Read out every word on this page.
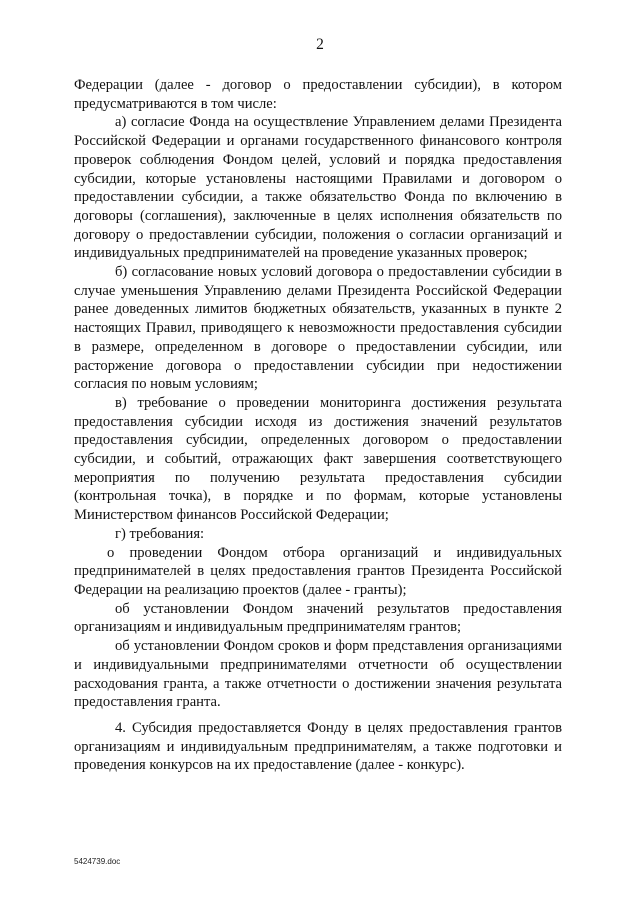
2

Федерации (далее - договор о предоставлении субсидии), в котором предусматриваются в том числе:

а) согласие Фонда на осуществление Управлением делами Президента Российской Федерации и органами государственного финансового контроля проверок соблюдения Фондом целей, условий и порядка предоставления субсидии, которые установлены настоящими Правилами и договором о предоставлении субсидии, а также обязательство Фонда по включению в договоры (соглашения), заключенные в целях исполнения обязательств по договору о предоставлении субсидии, положения о согласии организаций и индивидуальных предпринимателей на проведение указанных проверок;

б) согласование новых условий договора о предоставлении субсидии в случае уменьшения Управлению делами Президента Российской Федерации ранее доведенных лимитов бюджетных обязательств, указанных в пункте 2 настоящих Правил, приводящего к невозможности предоставления субсидии в размере, определенном в договоре о предоставлении субсидии, или расторжение договора о предоставлении субсидии при недостижении согласия по новым условиям;

в) требование о проведении мониторинга достижения результата предоставления субсидии исходя из достижения значений результатов предоставления субсидии, определенных договором о предоставлении субсидии, и событий, отражающих факт завершения соответствующего мероприятия по получению результата предоставления субсидии (контрольная точка), в порядке и по формам, которые установлены Министерством финансов Российской Федерации;

г) требования:

о проведении Фондом отбора организаций и индивидуальных предпринимателей в целях предоставления грантов Президента Российской Федерации на реализацию проектов (далее - гранты);

об установлении Фондом значений результатов предоставления организациям и индивидуальным предпринимателям грантов;

об установлении Фондом сроков и форм представления организациями и индивидуальными предпринимателями отчетности об осуществлении расходования гранта, а также отчетности о достижении значения результата предоставления гранта.

4. Субсидия предоставляется Фонду в целях предоставления грантов организациям и индивидуальным предпринимателям, а также подготовки и проведения конкурсов на их предоставление (далее - конкурс).

5424739.doc
